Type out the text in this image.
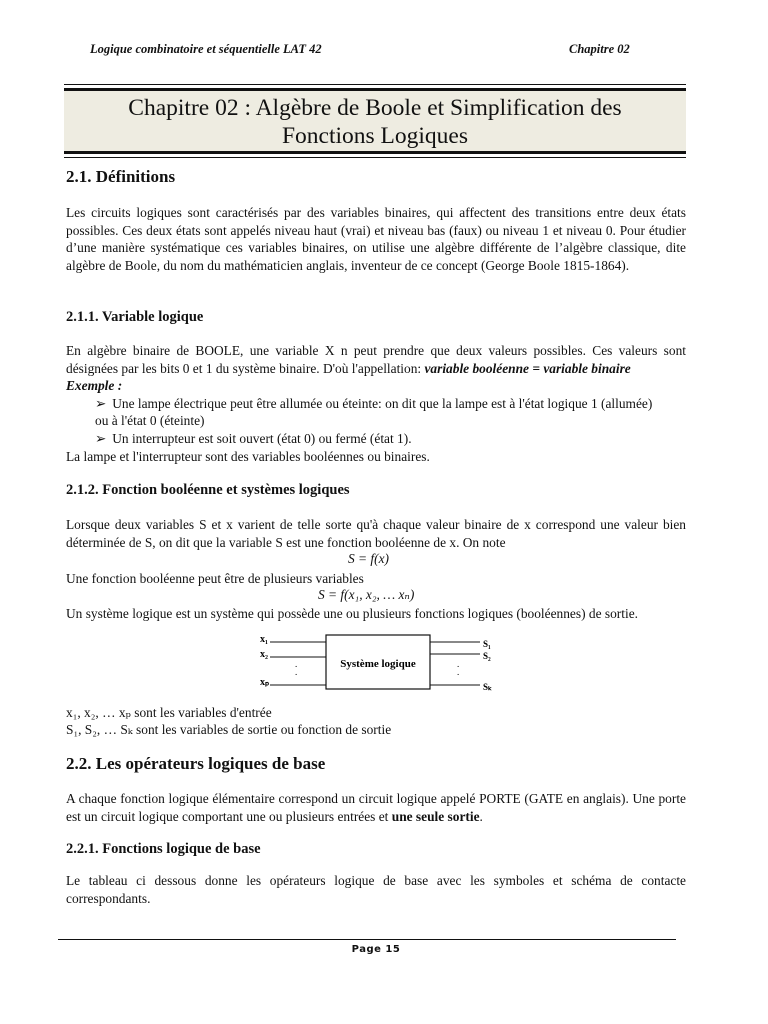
Logique combinatoire et séquentielle LAT 42	Chapitre 02
Chapitre 02 : Algèbre de Boole et Simplification des
Fonctions Logiques
2.1. Définitions
Les circuits logiques sont caractérisés par des variables binaires, qui affectent des transitions entre deux états possibles. Ces deux états sont appelés niveau haut (vrai) et niveau bas (faux) ou niveau 1 et niveau 0. Pour étudier d’une manière systématique ces variables binaires, on utilise une algèbre différente de l’algèbre classique, dite algèbre de Boole, du nom du mathématicien anglais, inventeur de ce concept (George Boole 1815-1864).
2.1.1. Variable logique
En algèbre binaire de BOOLE, une variable X n peut prendre que deux valeurs possibles. Ces valeurs sont désignées par les bits 0 et 1 du système binaire. D'où l'appellation: variable booléenne = variable binaire
Exemple :
➢ Une lampe électrique peut être allumée ou éteinte: on dit que la lampe est à l'état logique 1 (allumée)
ou à l'état 0 (éteinte)
➢ Un interrupteur est soit ouvert (état 0) ou fermé (état 1).
La lampe et l'interrupteur sont des variables booléennes ou binaires.
2.1.2. Fonction booléenne et systèmes logiques
Lorsque deux variables S et x varient de telle sorte qu'à chaque valeur binaire de x correspond une valeur bien déterminée de S, on dit que la variable S est une fonction booléenne de x. On note
S = f(x)
Une fonction booléenne peut être de plusieurs variables
S = f(x₁, x₂, … xₙ)
Un système logique est un système qui possède une ou plusieurs fonctions logiques (booléennes) de sortie.
Système logique
x₁
x₂
xₚ
.
.
S₁
S₂
Sₖ
.
.
x₁, x₂, … xₚ sont les variables d'entrée
S₁, S₂, … Sₖ sont les variables de sortie ou fonction de sortie
2.2. Les opérateurs logiques de base
A chaque fonction logique élémentaire correspond un circuit logique appelé PORTE (GATE en anglais). Une porte est un circuit logique comportant une ou plusieurs entrées et une seule sortie.
2.2.1. Fonctions logique de base
Le tableau ci dessous donne les opérateurs logique de base avec les symboles et schéma de contacte correspondants.
Page 15
